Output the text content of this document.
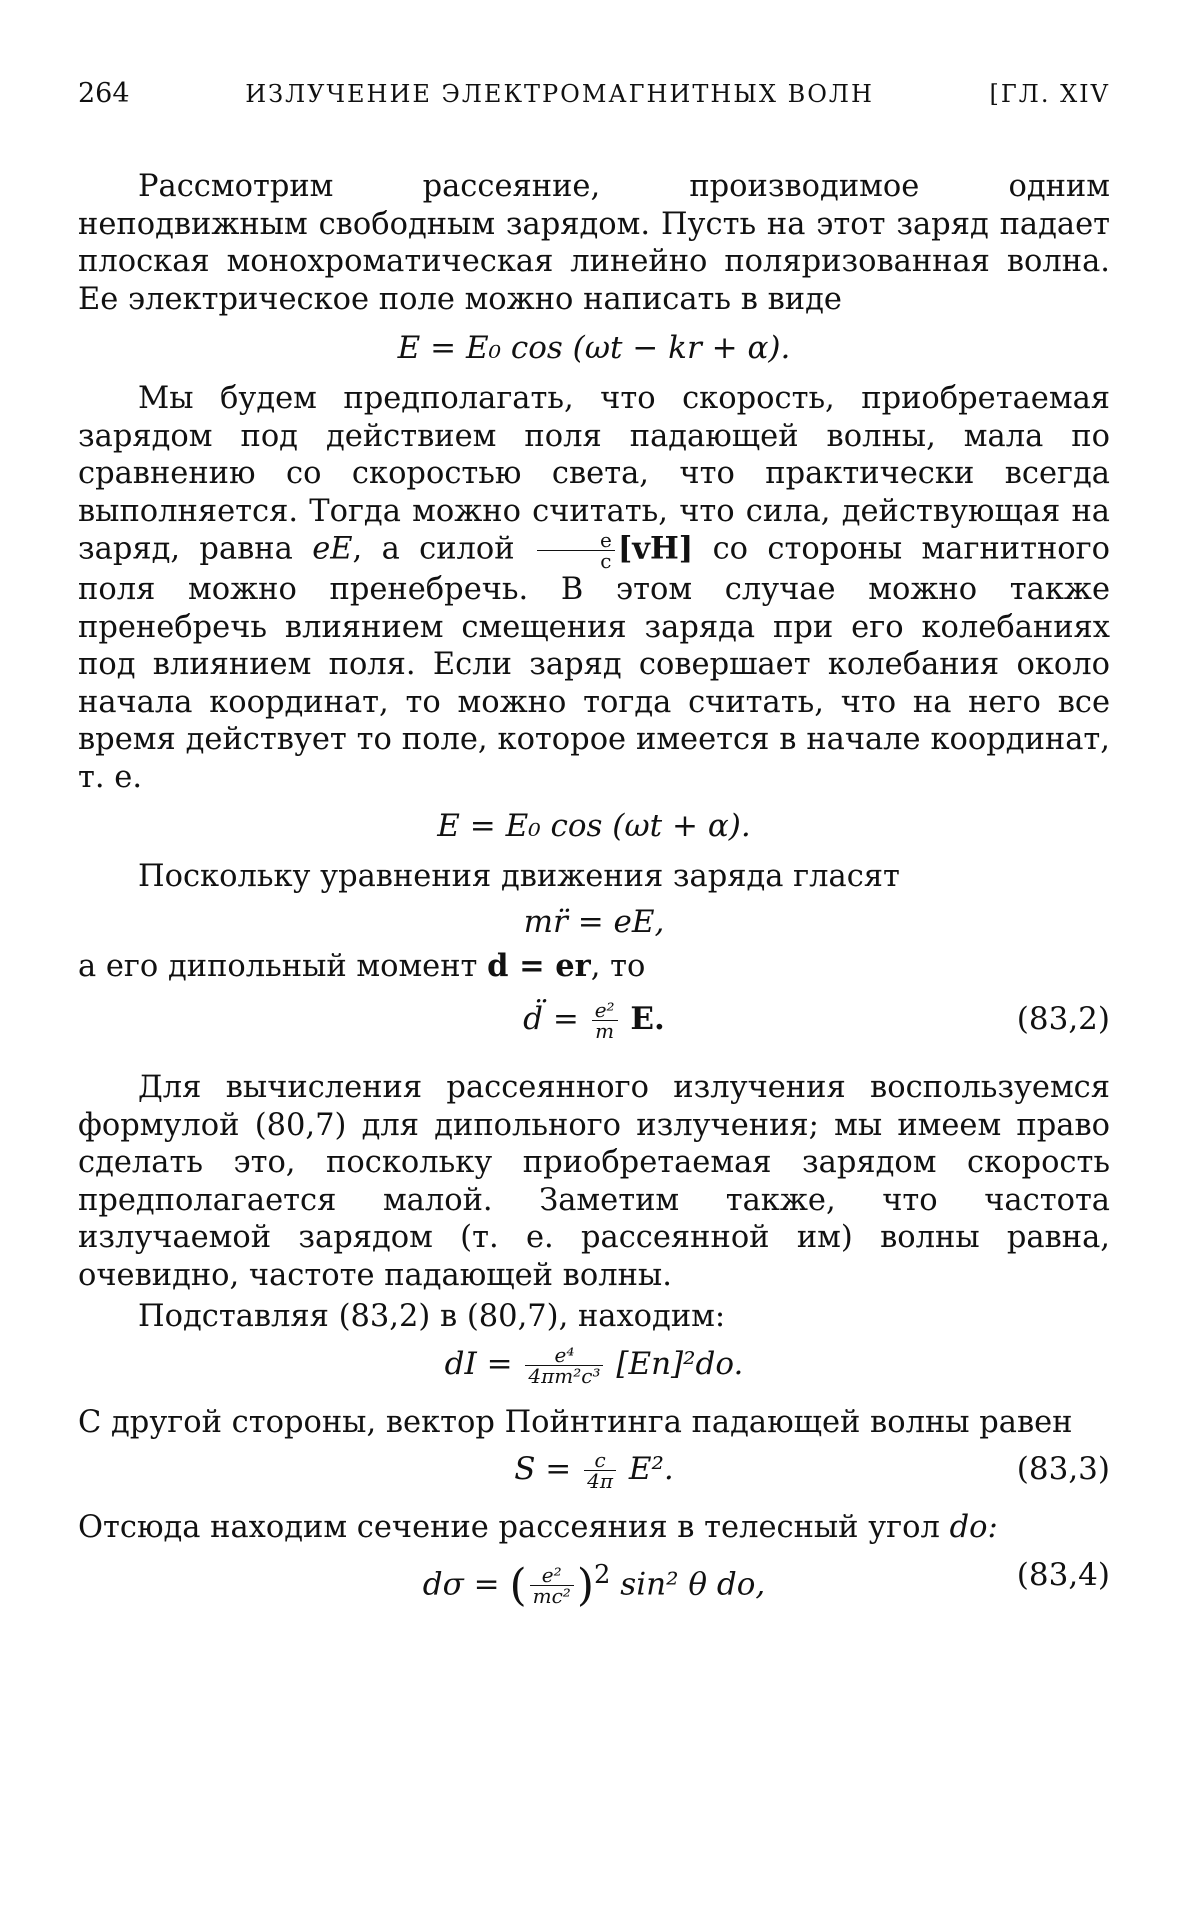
264	ИЗЛУЧЕНИЕ ЭЛЕКТРОМАГНИТНЫХ ВОЛН	[ГЛ. XIV

Рассмотрим рассеяние, производимое одним неподвижным свободным зарядом. Пусть на этот заряд падает плоская монохроматическая линейно поляризованная волна. Ее электрическое поле можно написать в виде

E = E₀ cos (ωt − kr + α).

Мы будем предполагать, что скорость, приобретаемая зарядом под действием поля падающей волны, мала по сравнению со скоростью света, что практически всегда выполняется. Тогда можно считать, что сила, действующая на заряд, равна eE, а силой $\frac{e}{c} [vH]$ со стороны магнитного поля можно пренебречь. В этом случае можно также пренебречь влиянием смещения заряда при его колебаниях под влиянием поля. Если заряд совершает колебания около начала координат, то можно тогда считать, что на него все время действует то поле, которое имеется в начале координат, т. е.

E = E₀ cos (ωt + α).

Поскольку уравнения движения заряда гласят

mr̈ = eE,

а его дипольный момент d = er, то

d̈ = $\frac{\text{e²}}{m} E$.	(83,2)

Для вычисления рассеянного излучения воспользуемся формулой (80,7) для дипольного излучения; мы имеем право сделать это, поскольку приобретаемая зарядом скорость предполагается малой. Заметим также, что частота излучаемой зарядом (т. е. рассеянной им) волны равна, очевидно, частоте падающей волны.

Подставляя (83,2) в (80,7), находим:

dI = $\frac{\text{e⁴}}{\text{4πm²c³}} [En]^2do$.

С другой стороны, вектор Пойнтинга падающей волны равен

$S = \frac{c}{4\pi} E^2$.	(83,3)

Отсюда находим сечение рассеяния в телесный угол do:

dσ = ( $\frac{\text{e²}}{\text{mc²}} )^2$ sin² θ do,	(83,4)
